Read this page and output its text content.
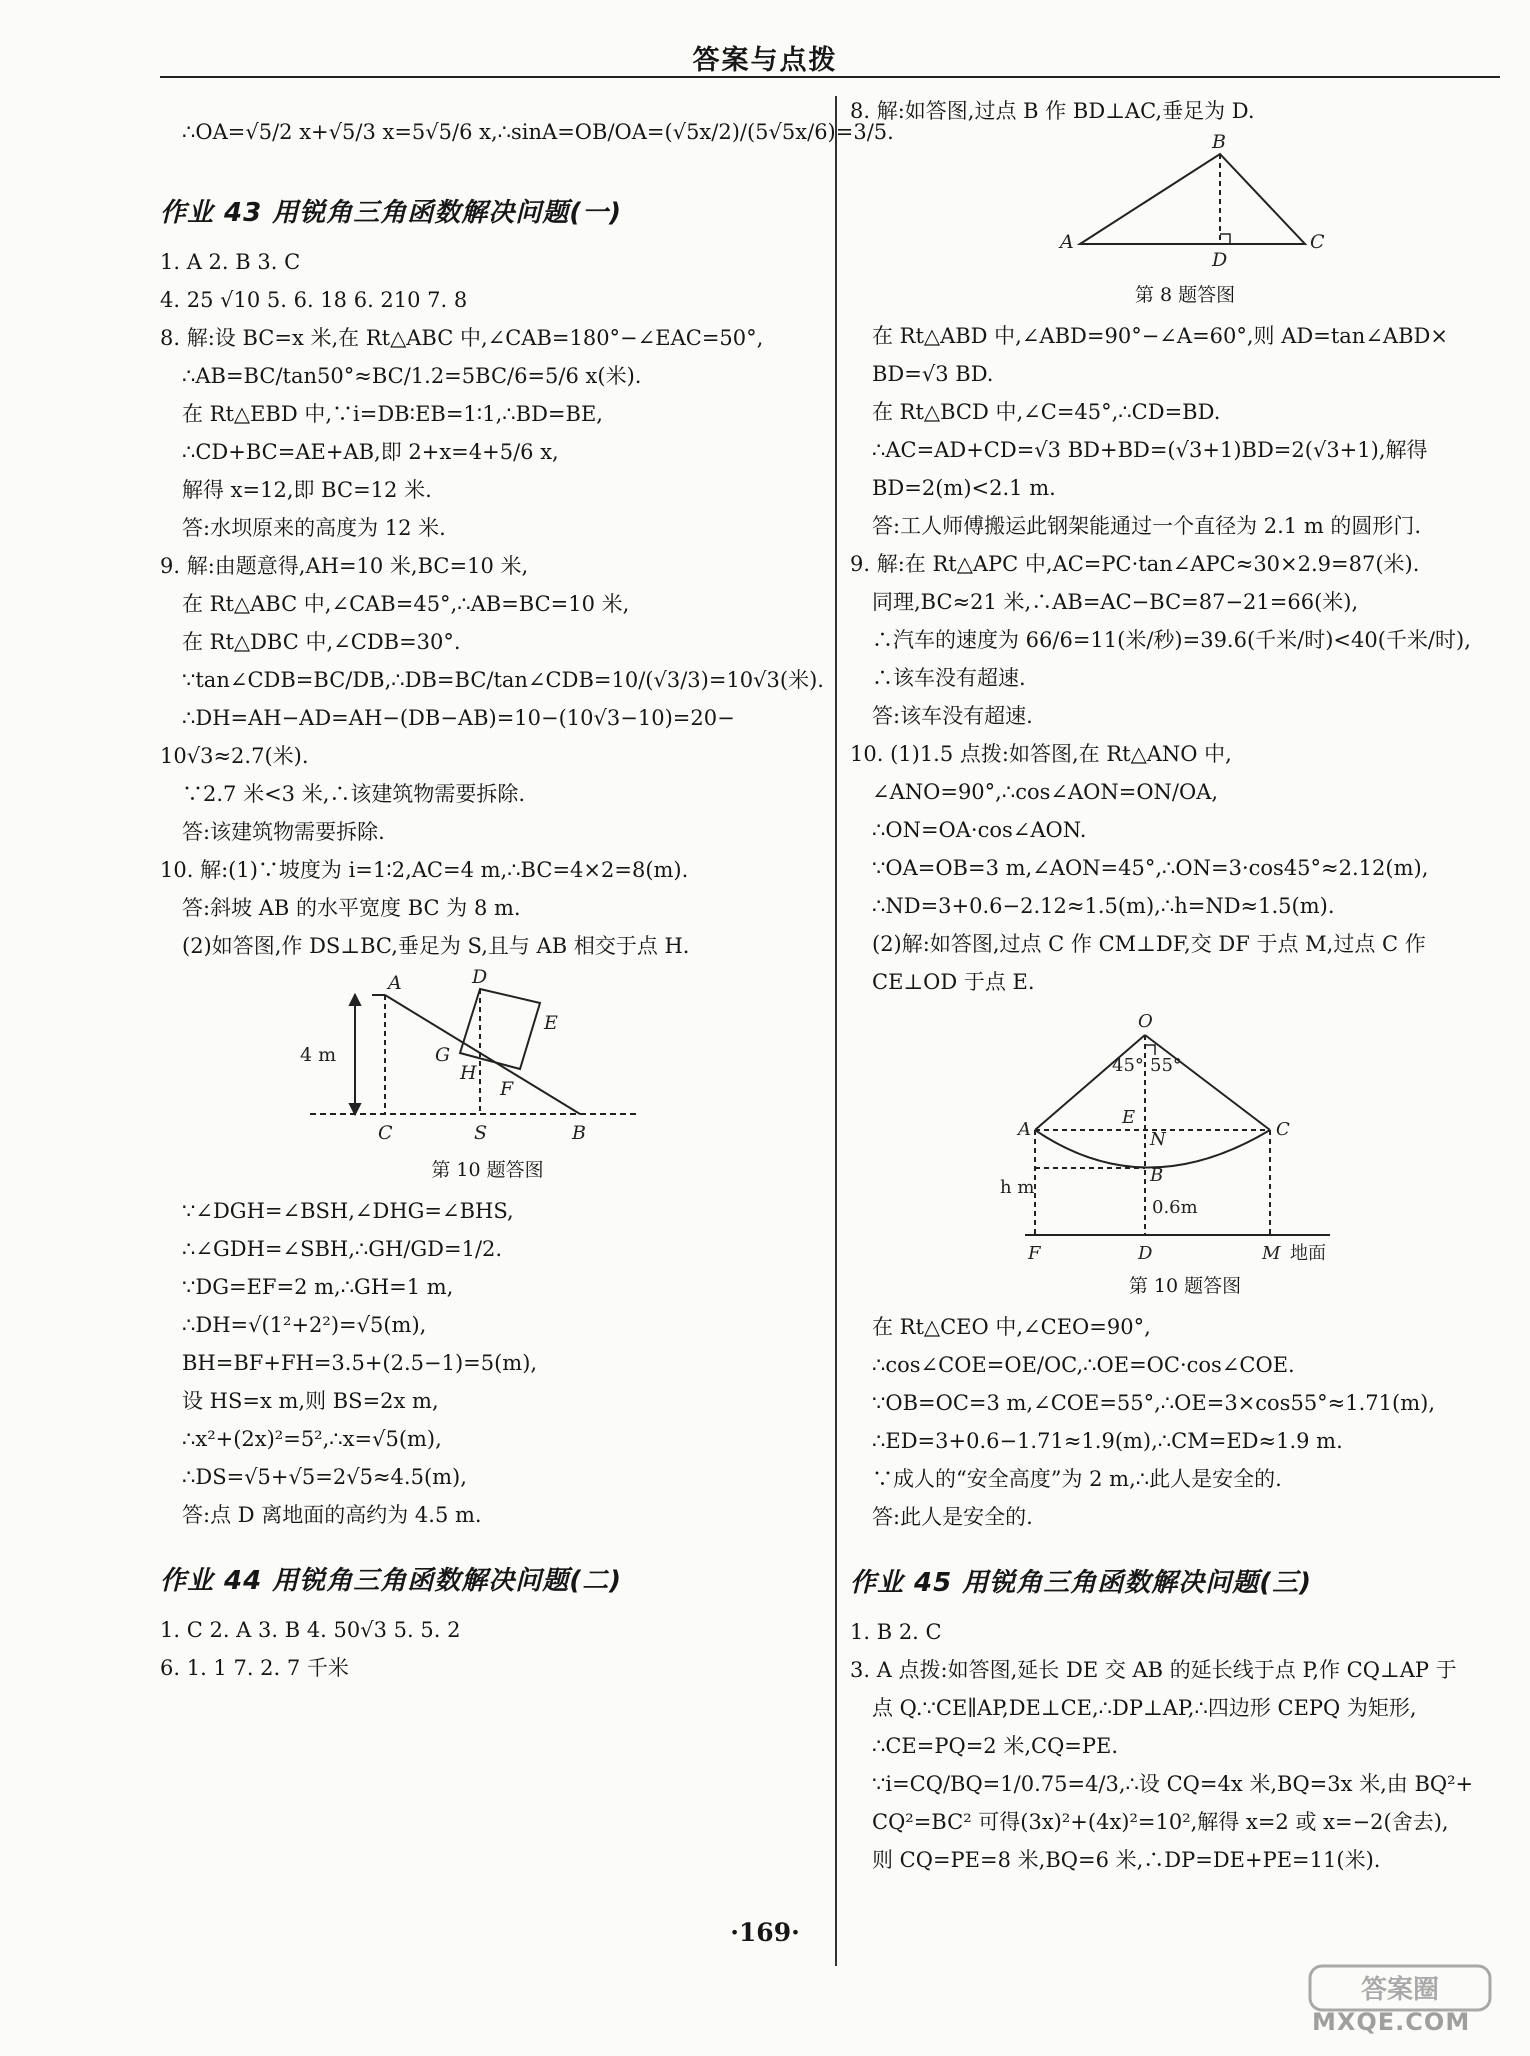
答案与点拨
∴OA=√5/2 x+√5/3 x=5√5/6 x,∴sinA=OB/OA=(√5x/2)/(5√5x/6)=3/5.
作业 43 用锐角三角函数解决问题(一)
1. A 2. B 3. C
4. 25 √10 5. 6. 18 6. 210 7. 8
8. 解:设 BC=x 米,在 Rt△ABC 中,∠CAB=180°−∠EAC=50°,
∴AB=BC/tan50°≈BC/1.2=5BC/6=5/6 x(米).
在 Rt△EBD 中,∵i=DB∶EB=1∶1,∴BD=BE,
∴CD+BC=AE+AB,即 2+x=4+5/6 x,
解得 x=12,即 BC=12 米.
答:水坝原来的高度为 12 米.
9. 解:由题意得,AH=10 米,BC=10 米,
在 Rt△ABC 中,∠CAB=45°,∴AB=BC=10 米,
在 Rt△DBC 中,∠CDB=30°.
∵tan∠CDB=BC/DB,∴DB=BC/tan∠CDB=10/(√3/3)=10√3(米).
∴DH=AH−AD=AH−(DB−AB)=10−(10√3−10)=20−
10√3≈2.7(米).
∵2.7 米<3 米,∴该建筑物需要拆除.
答:该建筑物需要拆除.
10. 解:(1)∵坡度为 i=1∶2,AC=4 m,∴BC=4×2=8(m).
答:斜坡 AB 的水平宽度 BC 为 8 m.
(2)如答图,作 DS⊥BC,垂足为 S,且与 AB 相交于点 H.
A	D
E
G
H
F
C	S	B
4 m
第 10 题答图
∵∠DGH=∠BSH,∠DHG=∠BHS,
∴∠GDH=∠SBH,∴GH/GD=1/2.
∵DG=EF=2 m,∴GH=1 m,
∴DH=√(1²+2²)=√5(m),
BH=BF+FH=3.5+(2.5−1)=5(m),
设 HS=x m,则 BS=2x m,
∴x²+(2x)²=5²,∴x=√5(m),
∴DS=√5+√5=2√5≈4.5(m),
答:点 D 离地面的高约为 4.5 m.
作业 44 用锐角三角函数解决问题(二)
1. C 2. A 3. B 4. 50√3 5. 5. 2
6. 1. 1 7. 2. 7 千米
8. 解:如答图,过点 B 作 BD⊥AC,垂足为 D.
B
A
D
C
第 8 题答图
在 Rt△ABD 中,∠ABD=90°−∠A=60°,则 AD=tan∠ABD×
BD=√3 BD.
在 Rt△BCD 中,∠C=45°,∴CD=BD.
∴AC=AD+CD=√3 BD+BD=(√3+1)BD=2(√3+1),解得
BD=2(m)<2.1 m.
答:工人师傅搬运此钢架能通过一个直径为 2.1 m 的圆形门.
9. 解:在 Rt△APC 中,AC=PC·tan∠APC≈30×2.9=87(米).
同理,BC≈21 米,∴AB=AC−BC=87−21=66(米),
∴汽车的速度为 66/6=11(米/秒)=39.6(千米/时)<40(千米/时),
∴该车没有超速.
答:该车没有超速.
10. (1)1.5 点拨:如答图,在 Rt△ANO 中,
∠ANO=90°,∴cos∠AON=ON/OA,
∴ON=OA·cos∠AON.
∵OA=OB=3 m,∠AON=45°,∴ON=3·cos45°≈2.12(m),
∴ND=3+0.6−2.12≈1.5(m),∴h=ND≈1.5(m).
(2)解:如答图,过点 C 作 CM⊥DF,交 DF 于点 M,过点 C 作
CE⊥OD 于点 E.
O
45° 55°
E
A	N	C
B
h m
0.6m
F	D	M 地面
第 10 题答图
在 Rt△CEO 中,∠CEO=90°,
∴cos∠COE=OE/OC,∴OE=OC·cos∠COE.
∵OB=OC=3 m,∠COE=55°,∴OE=3×cos55°≈1.71(m),
∴ED=3+0.6−1.71≈1.9(m),∴CM=ED≈1.9 m.
∵成人的“安全高度”为 2 m,∴此人是安全的.
答:此人是安全的.
作业 45 用锐角三角函数解决问题(三)
1. B 2. C
3. A 点拨:如答图,延长 DE 交 AB 的延长线于点 P,作 CQ⊥AP 于
点 Q.∵CE∥AP,DE⊥CE,∴DP⊥AP,∴四边形 CEPQ 为矩形,
∴CE=PQ=2 米,CQ=PE.
∵i=CQ/BQ=1/0.75=4/3,∴设 CQ=4x 米,BQ=3x 米,由 BQ²+
CQ²=BC² 可得(3x)²+(4x)²=10²,解得 x=2 或 x=−2(舍去),
则 CQ=PE=8 米,BQ=6 米,∴DP=DE+PE=11(米).
·169·
答案圈
MXQE.COM
